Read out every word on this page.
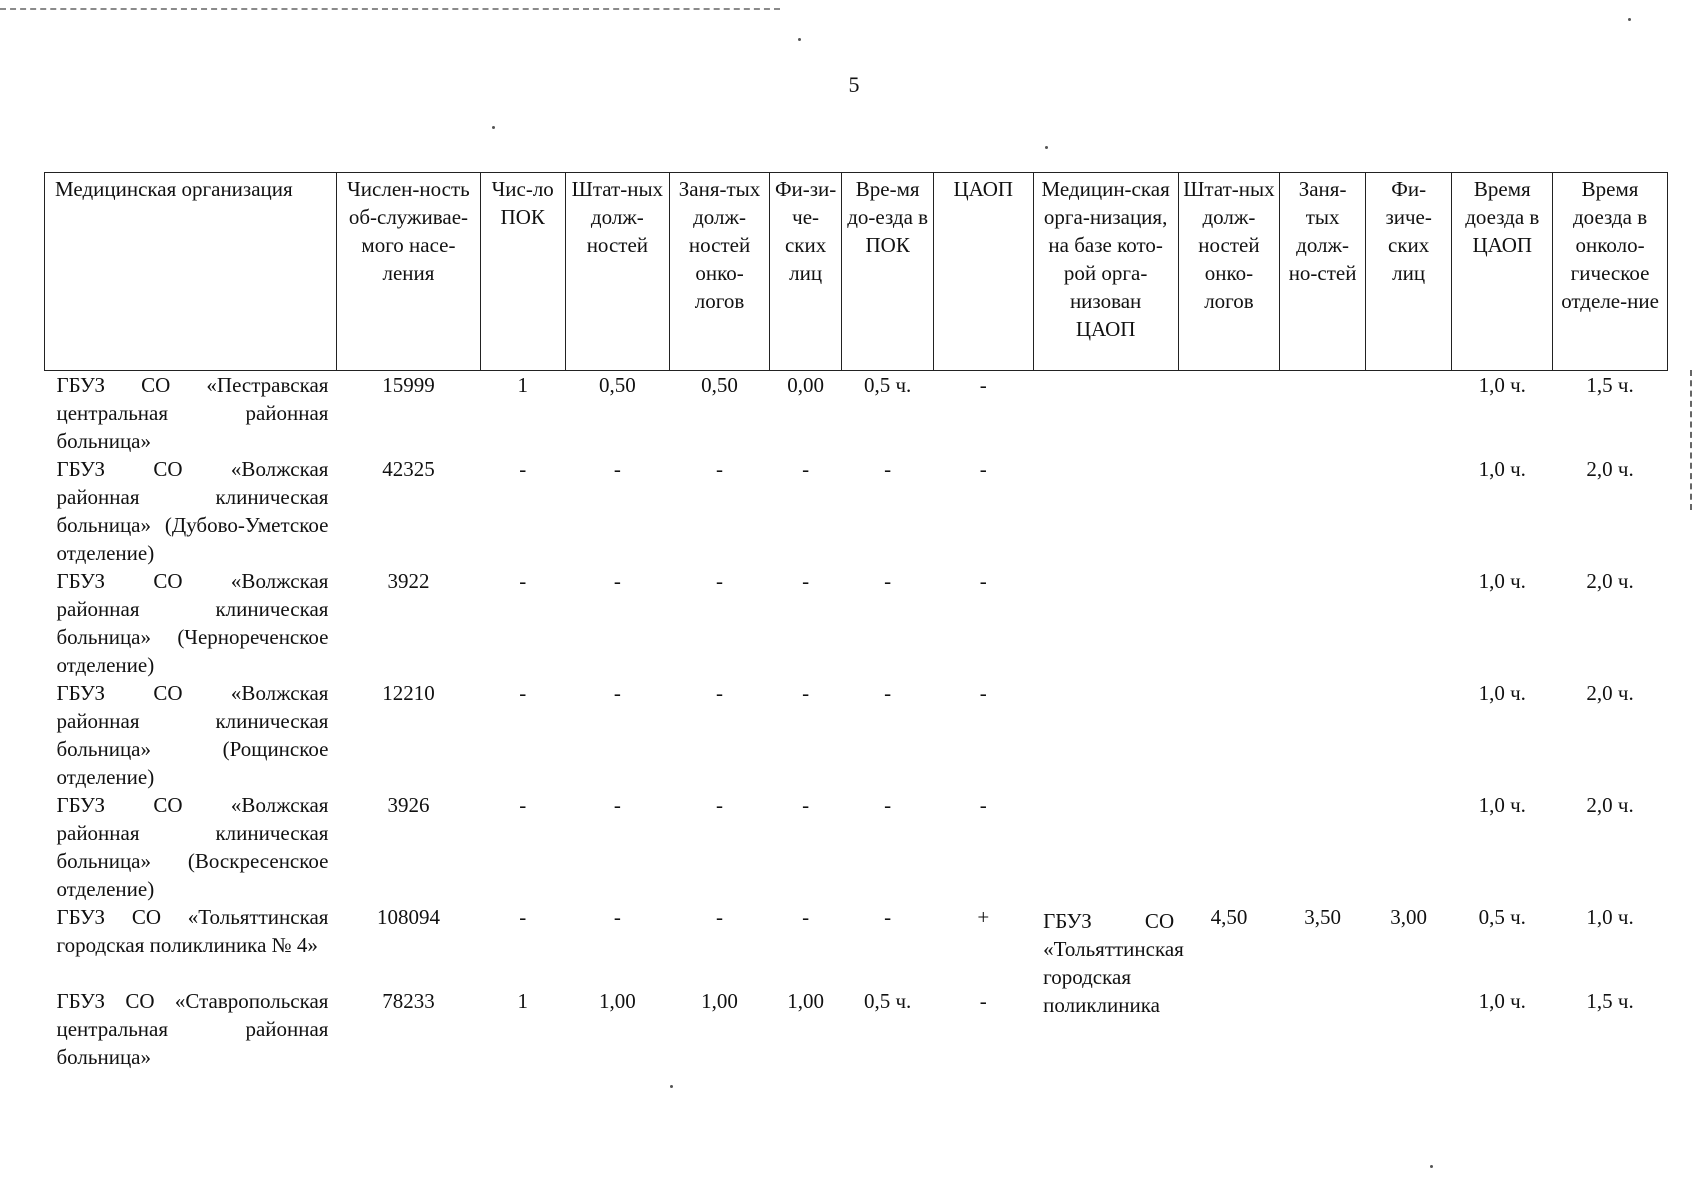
5
Медицинская организация	Числен-ность об-служивае-мого насе-ления	Чис-ло ПОК	Штат-ных долж-ностей	Заня-тых долж-ностей онко-логов	Фи-зи-че-ских лиц	Вре-мя до-езда в ПОК	ЦАОП	Медицин-ская орга-низация, на базе кото-рой орга-низован ЦАОП	Штат-ных долж-ностей онко-логов	Заня-тых долж-но-стей	Фи-зиче-ских лиц	Время доезда в ЦАОП	Время доезда в онколо-гическое отделе-ние
ГБУЗ СО «Пестравская центральная районная больница»	15999	1	0,50	0,50	0,00	0,5 ч.	-					1,0 ч.	1,5 ч.
ГБУЗ СО «Волжская районная клиническая больница» (Дубово-Уметское отделение)	42325	-	-	-	-	-	-					1,0 ч.	2,0 ч.
ГБУЗ СО «Волжская районная клиническая больница» (Чернореченское отделение)	3922	-	-	-	-	-	-					1,0 ч.	2,0 ч.
ГБУЗ СО «Волжская районная клиническая больница» (Рощинское отделение)	12210	-	-	-	-	-	-					1,0 ч.	2,0 ч.
ГБУЗ СО «Волжская районная клиническая больница» (Воскресенское отделение)	3926	-	-	-	-	-	-					1,0 ч.	2,0 ч.
ГБУЗ СО «Тольяттинская городская поликлиника № 4»	108094	-	-	-	-	-	+	ГБУЗ СО «Тольяттинская городская поликлиника	4,50	3,50	3,00	0,5 ч.	1,0 ч.
ГБУЗ СО «Ставропольская центральная районная больница»	78233	1	1,00	1,00	1,00	0,5 ч.	-					1,0 ч.	1,5 ч.
